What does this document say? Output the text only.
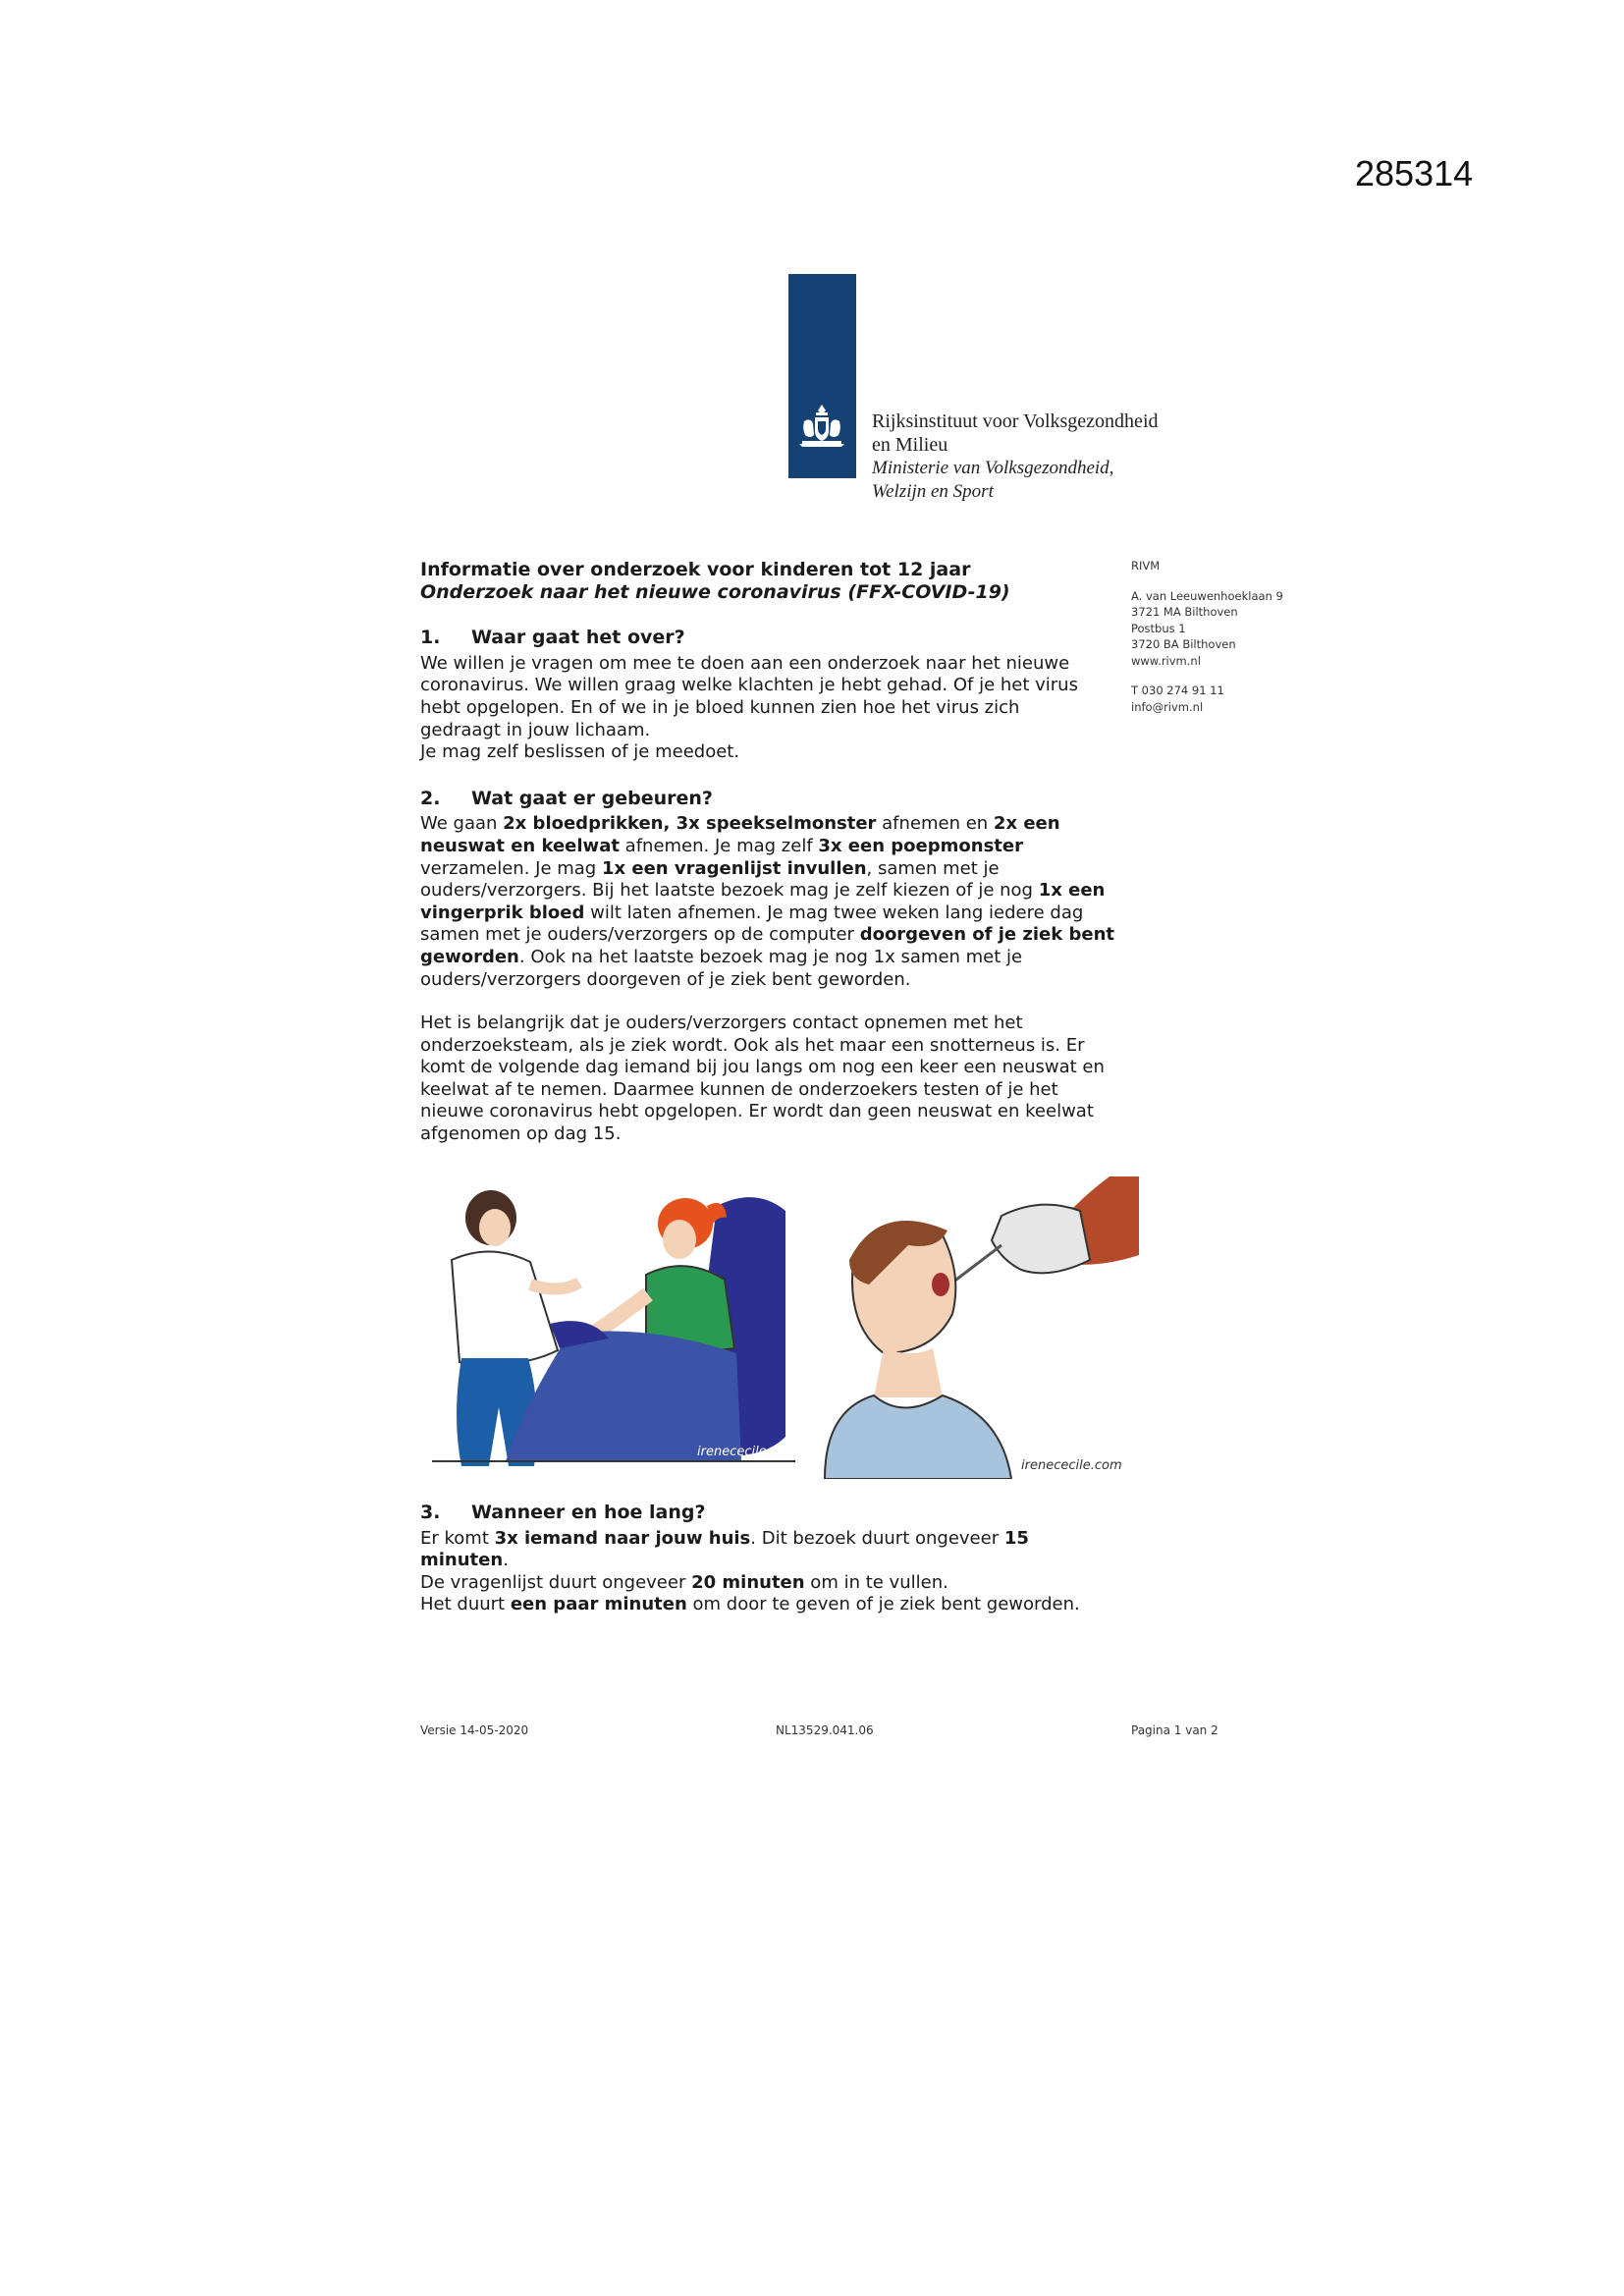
285314
Rijksinstituut voor Volksgezondheid
en Milieu
Ministerie van Volksgezondheid,
Welzijn en Sport
RIVM
A. van Leeuwenhoeklaan 9
3721 MA Bilthoven
Postbus 1
3720 BA Bilthoven
www.rivm.nl
T 030 274 91 11
info@rivm.nl
Informatie over onderzoek voor kinderen tot 12 jaar
Onderzoek naar het nieuwe coronavirus (FFX-COVID-19)
1. Waar gaat het over?

We willen je vragen om mee te doen aan een onderzoek naar het nieuwe
coronavirus. We willen graag welke klachten je hebt gehad. Of je het virus
hebt opgelopen. En of we in je bloed kunnen zien hoe het virus zich
gedraagt in jouw lichaam.
Je mag zelf beslissen of je meedoet.

2. Wat gaat er gebeuren?

We gaan 2x bloedprikken, 3x speekselmonster afnemen en 2x een neuswat en keelwat afnemen. Je mag zelf 3x een poepmonster verzamelen. Je mag 1x een vragenlijst invullen, samen met je ouders/verzorgers. Bij het laatste bezoek mag je zelf kiezen of je nog 1x een vingerprik bloed wilt laten afnemen. Je mag twee weken lang iedere dag samen met je ouders/verzorgers op de computer doorgeven of je ziek bent geworden. Ook na het laatste bezoek mag je nog 1x samen met je ouders/verzorgers doorgeven of je ziek bent geworden.

Het is belangrijk dat je ouders/verzorgers contact opnemen met het onderzoeksteam, als je ziek wordt. Ook als het maar een snotterneus is. Er komt de volgende dag iemand bij jou langs om nog een keer een neuswat en keelwat af te nemen. Daarmee kunnen de onderzoekers testen of je het nieuwe coronavirus hebt opgelopen. Er wordt dan geen neuswat en keelwat afgenomen op dag 15.

irenececile.com
irenececile.com
3. Wanneer en hoe lang?

Er komt 3x iemand naar jouw huis. Dit bezoek duurt ongeveer 15 minuten.

De vragenlijst duurt ongeveer 20 minuten om in te vullen.

Het duurt een paar minuten om door te geven of je ziek bent geworden.

Versie 14-05-2020	NL13529.041.06	Pagina 1 van 2
